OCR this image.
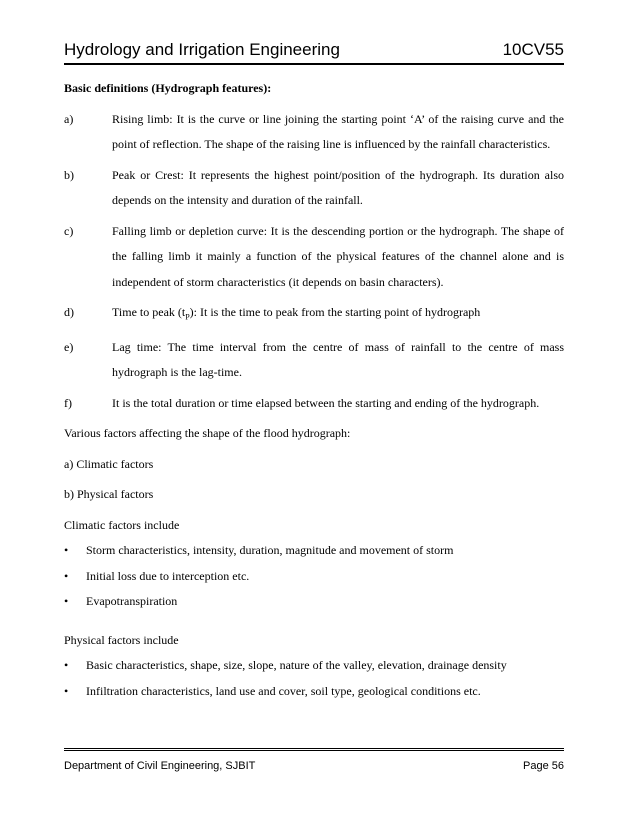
Hydrology and Irrigation Engineering	10CV55
Basic definitions (Hydrograph features):
a)	Rising limb: It is the curve or line joining the starting point ‘A’ of the raising curve and the point of reflection. The shape of the raising line is influenced by the rainfall characteristics.
b)	Peak or Crest: It represents the highest point/position of the hydrograph. Its duration also depends on the intensity and duration of the rainfall.
c)	Falling limb or depletion curve: It is the descending portion or the hydrograph. The shape of the falling limb it mainly a function of the physical features of the channel alone and is independent of storm characteristics (it depends on basin characters).
d)	Time to peak $(t_P)$: It is the time to peak from the starting point of hydrograph
e)	Lag time: The time interval from the centre of mass of rainfall to the centre of mass hydrograph is the lag-time.
f)	It is the total duration or time elapsed between the starting and ending of the hydrograph.
Various factors affecting the shape of the flood hydrograph:
a) Climatic factors
b) Physical factors
Climatic factors include
•	Storm characteristics, intensity, duration, magnitude and movement of storm
•	Initial loss due to interception etc.
•	Evapotranspiration
Physical factors include
•	Basic characteristics, shape, size, slope, nature of the valley, elevation, drainage density
•	Infiltration characteristics, land use and cover, soil type, geological conditions etc.
Department of Civil Engineering, SJBIT	Page 56
